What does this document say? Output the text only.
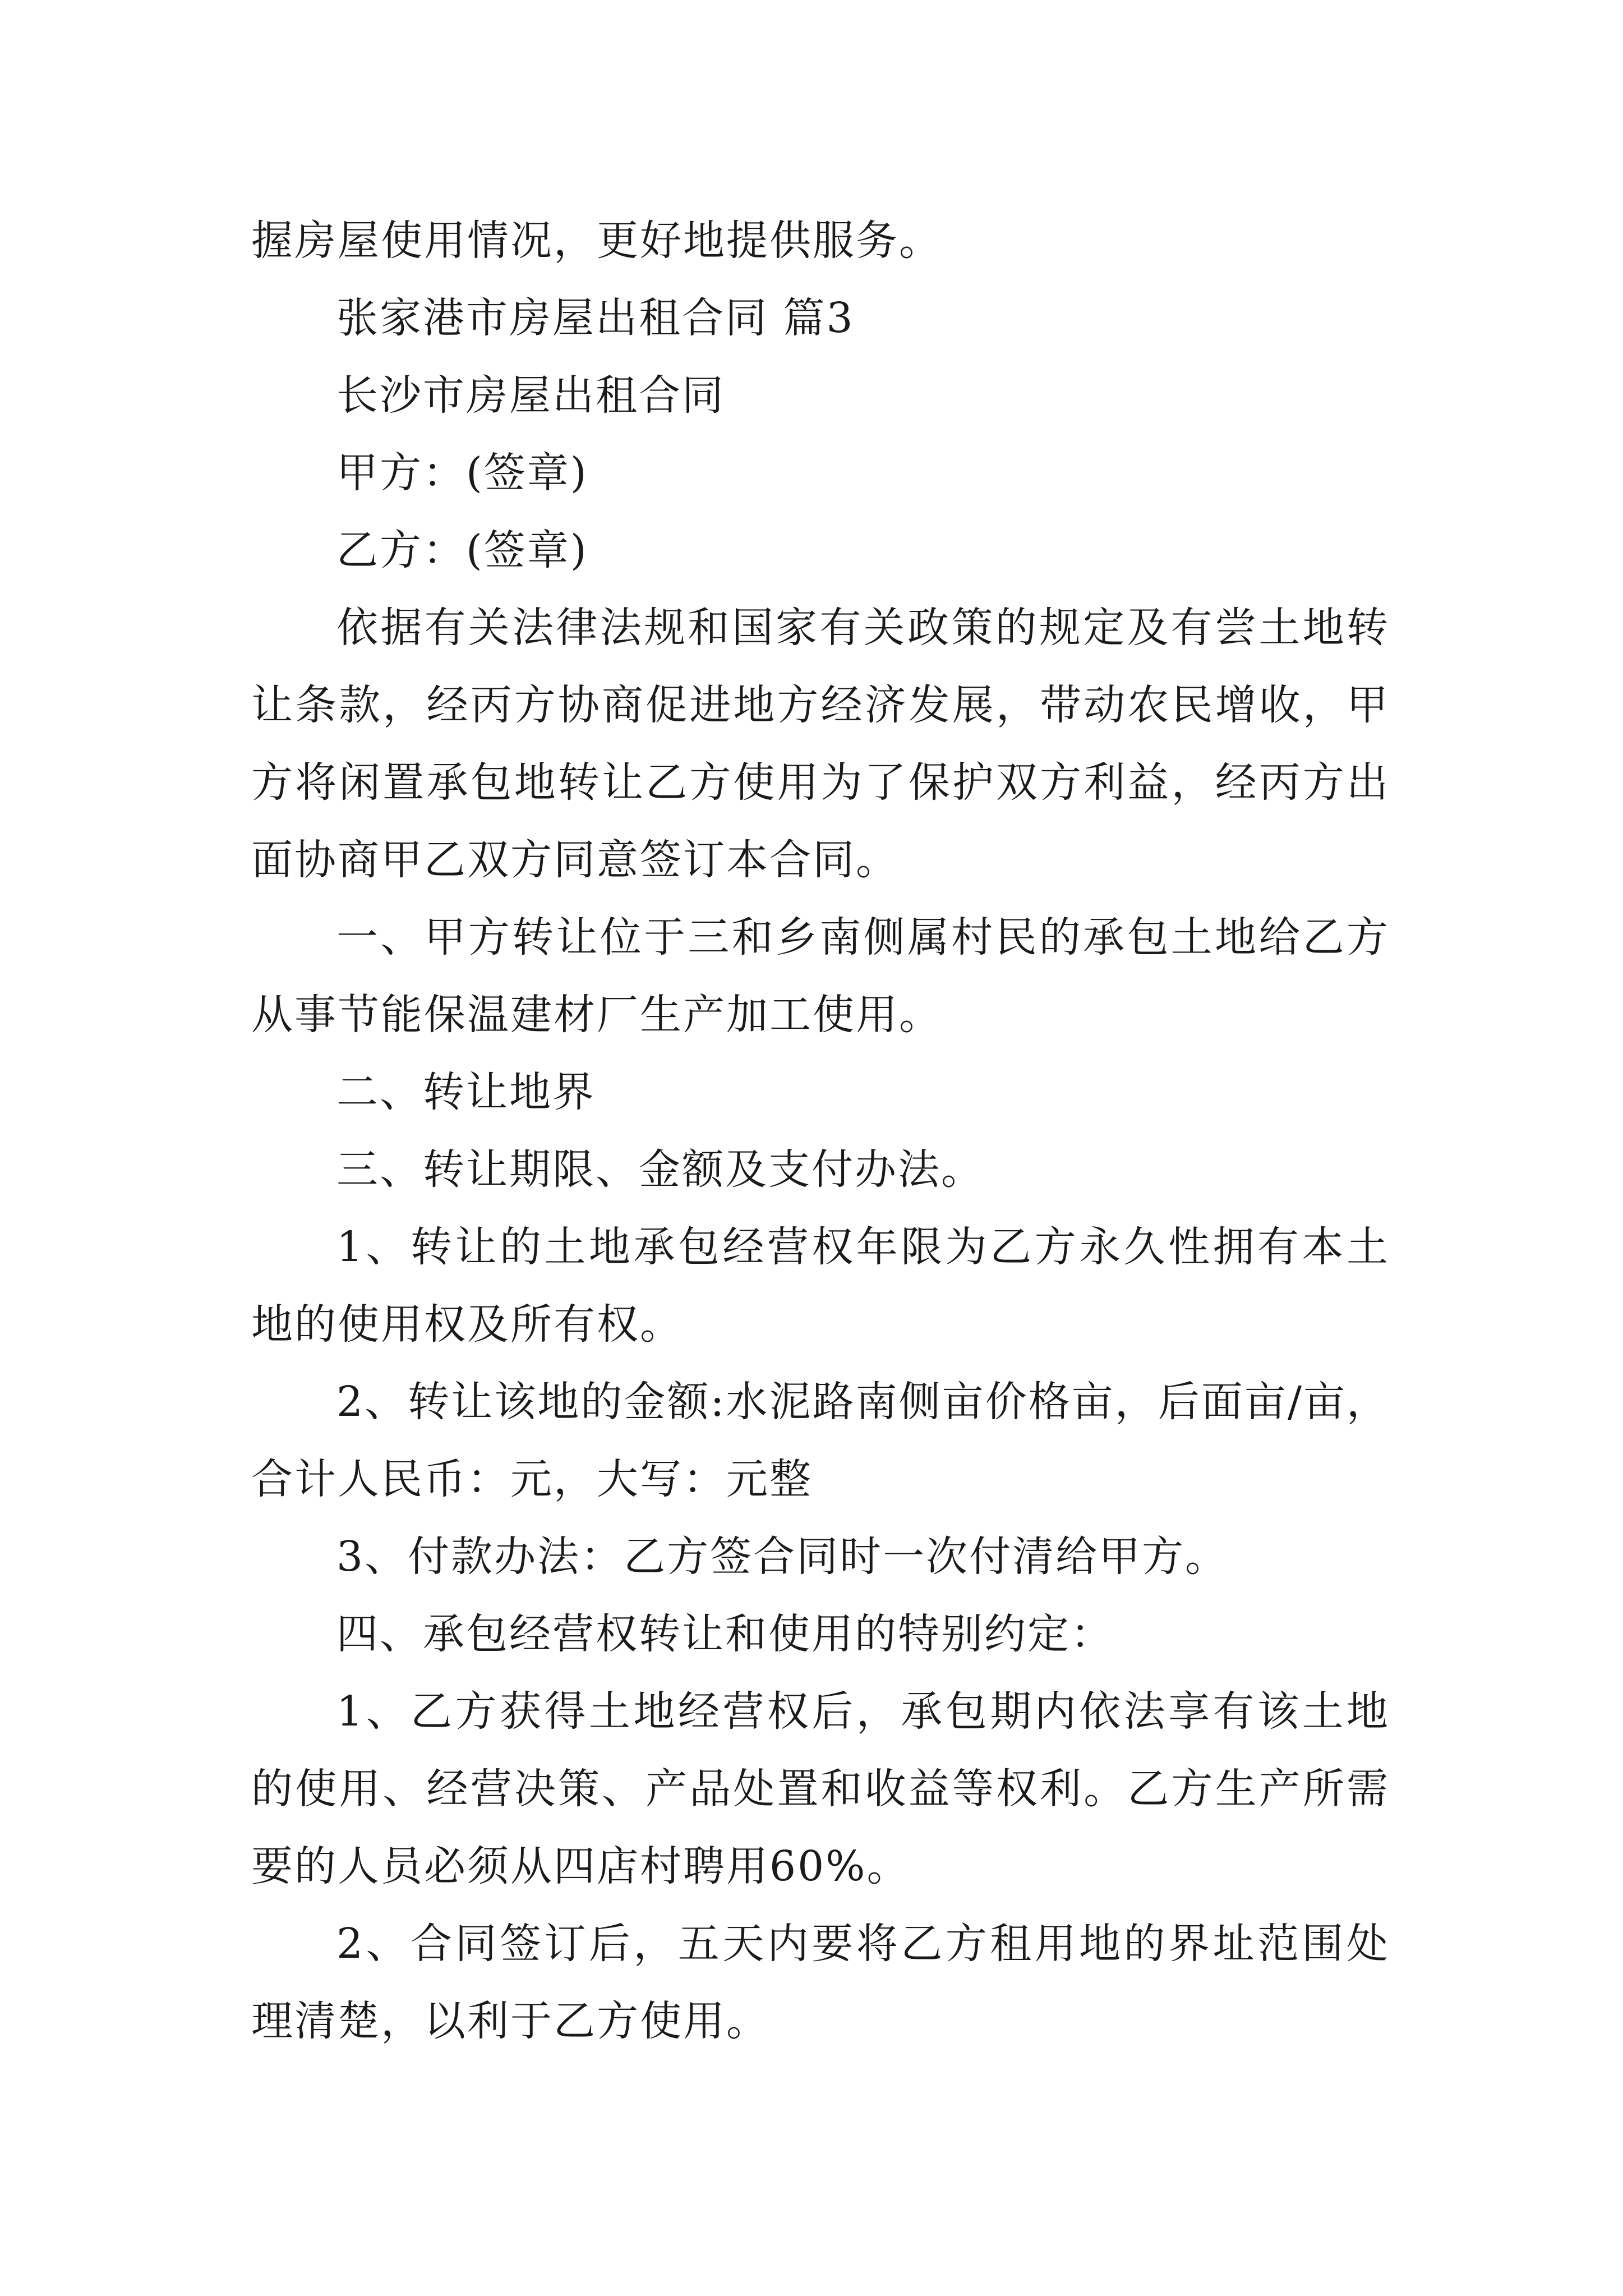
握房屋使用情况，更好地提供服务。

张家港市房屋出租合同 篇3

长沙市房屋出租合同

甲方：(签章)

乙方：(签章)

依据有关法律法规和国家有关政策的规定及有尝土地转让条款，经丙方协商促进地方经济发展，带动农民增收，甲方将闲置承包地转让乙方使用为了保护双方利益，经丙方出面协商甲乙双方同意签订本合同。

一、甲方转让位于三和乡南侧属村民的承包土地给乙方从事节能保温建材厂生产加工使用。

二、转让地界

三、转让期限、金额及支付办法。

1、转让的土地承包经营权年限为乙方永久性拥有本土地的使用权及所有权。

2、转让该地的金额:水泥路南侧亩价格亩，后面亩/亩，合计人民币：元，大写：元整

3、付款办法：乙方签合同时一次付清给甲方。

四、承包经营权转让和使用的特别约定：

1、乙方获得土地经营权后，承包期内依法享有该土地的使用、经营决策、产品处置和收益等权利。乙方生产所需要的人员必须从四店村聘用60%。

2、合同签订后，五天内要将乙方租用地的界址范围处理清楚，以利于乙方使用。
